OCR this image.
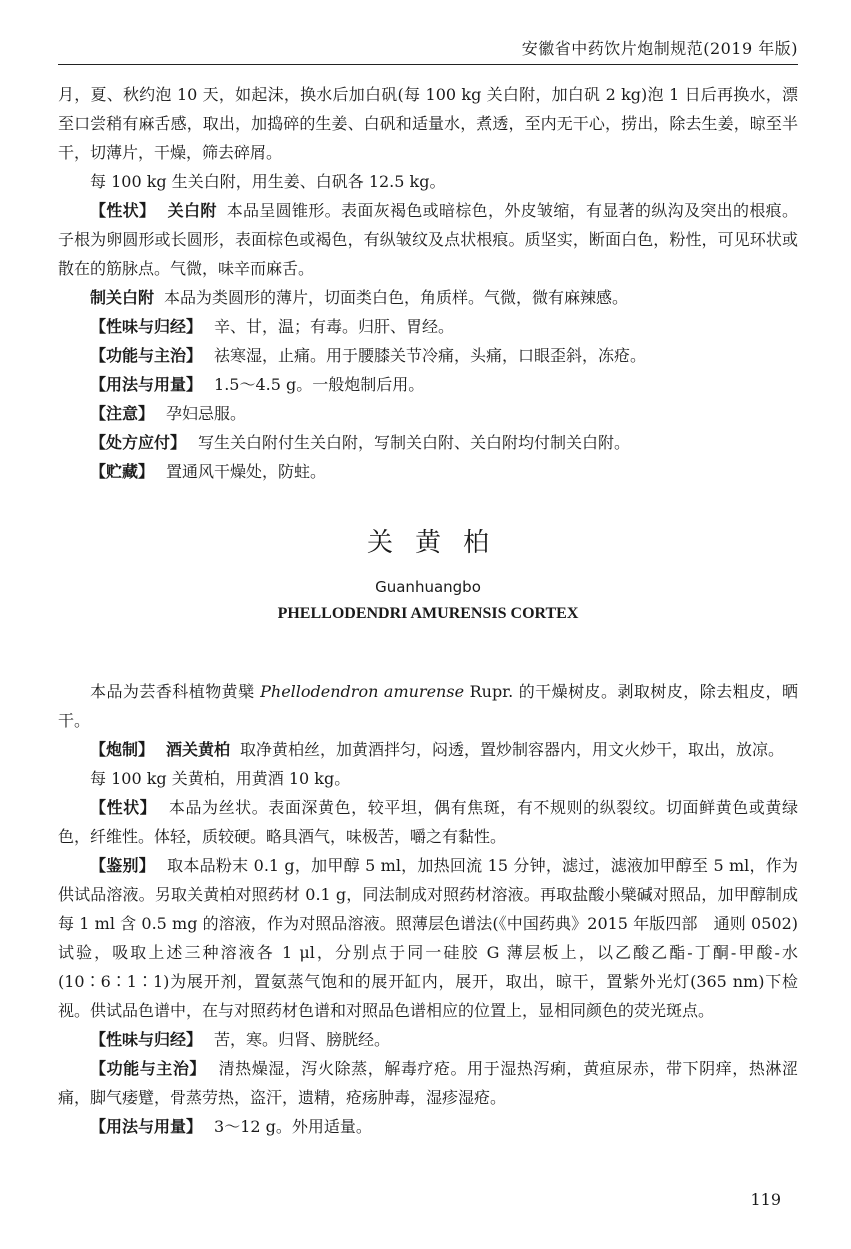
安徽省中药饮片炮制规范(2019 年版)

月，夏、秋约泡 10 天，如起沫，换水后加白矾(每 100 kg 关白附，加白矾 2 kg)泡 1 日后再换水，漂至口尝稍有麻舌感，取出，加捣碎的生姜、白矾和适量水，煮透，至内无干心，捞出，除去生姜，晾至半干，切薄片，干燥，筛去碎屑。

每 100 kg 生关白附，用生姜、白矾各 12.5 kg。

【性状】 关白附 本品呈圆锥形。表面灰褐色或暗棕色，外皮皱缩，有显著的纵沟及突出的根痕。子根为卵圆形或长圆形，表面棕色或褐色，有纵皱纹及点状根痕。质坚实，断面白色，粉性，可见环状或散在的筋脉点。气微，味辛而麻舌。

制关白附 本品为类圆形的薄片，切面类白色，角质样。气微，微有麻辣感。

【性味与归经】 辛、甘，温；有毒。归肝、胃经。

【功能与主治】 祛寒湿，止痛。用于腰膝关节冷痛，头痛，口眼歪斜，冻疮。

【用法与用量】 1.5～4.5 g。一般炮制后用。

【注意】 孕妇忌服。

【处方应付】 写生关白附付生关白附，写制关白附、关白附均付制关白附。

【贮藏】 置通风干燥处，防蛀。

关黄柏
Guanhuangbo
PHELLODENDRI AMURENSIS CORTEX

本品为芸香科植物黄檗 Phellodendron amurense Rupr. 的干燥树皮。剥取树皮，除去粗皮，晒干。

【炮制】 酒关黄柏 取净黄柏丝，加黄酒拌匀，闷透，置炒制容器内，用文火炒干，取出，放凉。

每 100 kg 关黄柏，用黄酒 10 kg。

【性状】 本品为丝状。表面深黄色，较平坦，偶有焦斑，有不规则的纵裂纹。切面鲜黄色或黄绿色，纤维性。体轻，质较硬。略具酒气，味极苦，嚼之有黏性。

【鉴别】 取本品粉末 0.1 g，加甲醇 5 ml，加热回流 15 分钟，滤过，滤液加甲醇至 5 ml，作为供试品溶液。另取关黄柏对照药材 0.1 g，同法制成对照药材溶液。再取盐酸小檗碱对照品，加甲醇制成每 1 ml 含 0.5 mg 的溶液，作为对照品溶液。照薄层色谱法(《中国药典》2015 年版四部　通则 0502)试验，吸取上述三种溶液各 1 μl，分别点于同一硅胶 G 薄层板上，以乙酸乙酯-丁酮-甲酸-水(10∶6∶1∶1)为展开剂，置氨蒸气饱和的展开缸内，展开，取出，晾干，置紫外光灯(365 nm)下检视。供试品色谱中，在与对照药材色谱和对照品色谱相应的位置上，显相同颜色的荧光斑点。

【性味与归经】 苦，寒。归肾、膀胱经。

【功能与主治】 清热燥湿，泻火除蒸，解毒疗疮。用于湿热泻痢，黄疸尿赤，带下阴痒，热淋涩痛，脚气痿躄，骨蒸劳热，盗汗，遗精，疮疡肿毒，湿疹湿疮。

【用法与用量】 3～12 g。外用适量。

119
